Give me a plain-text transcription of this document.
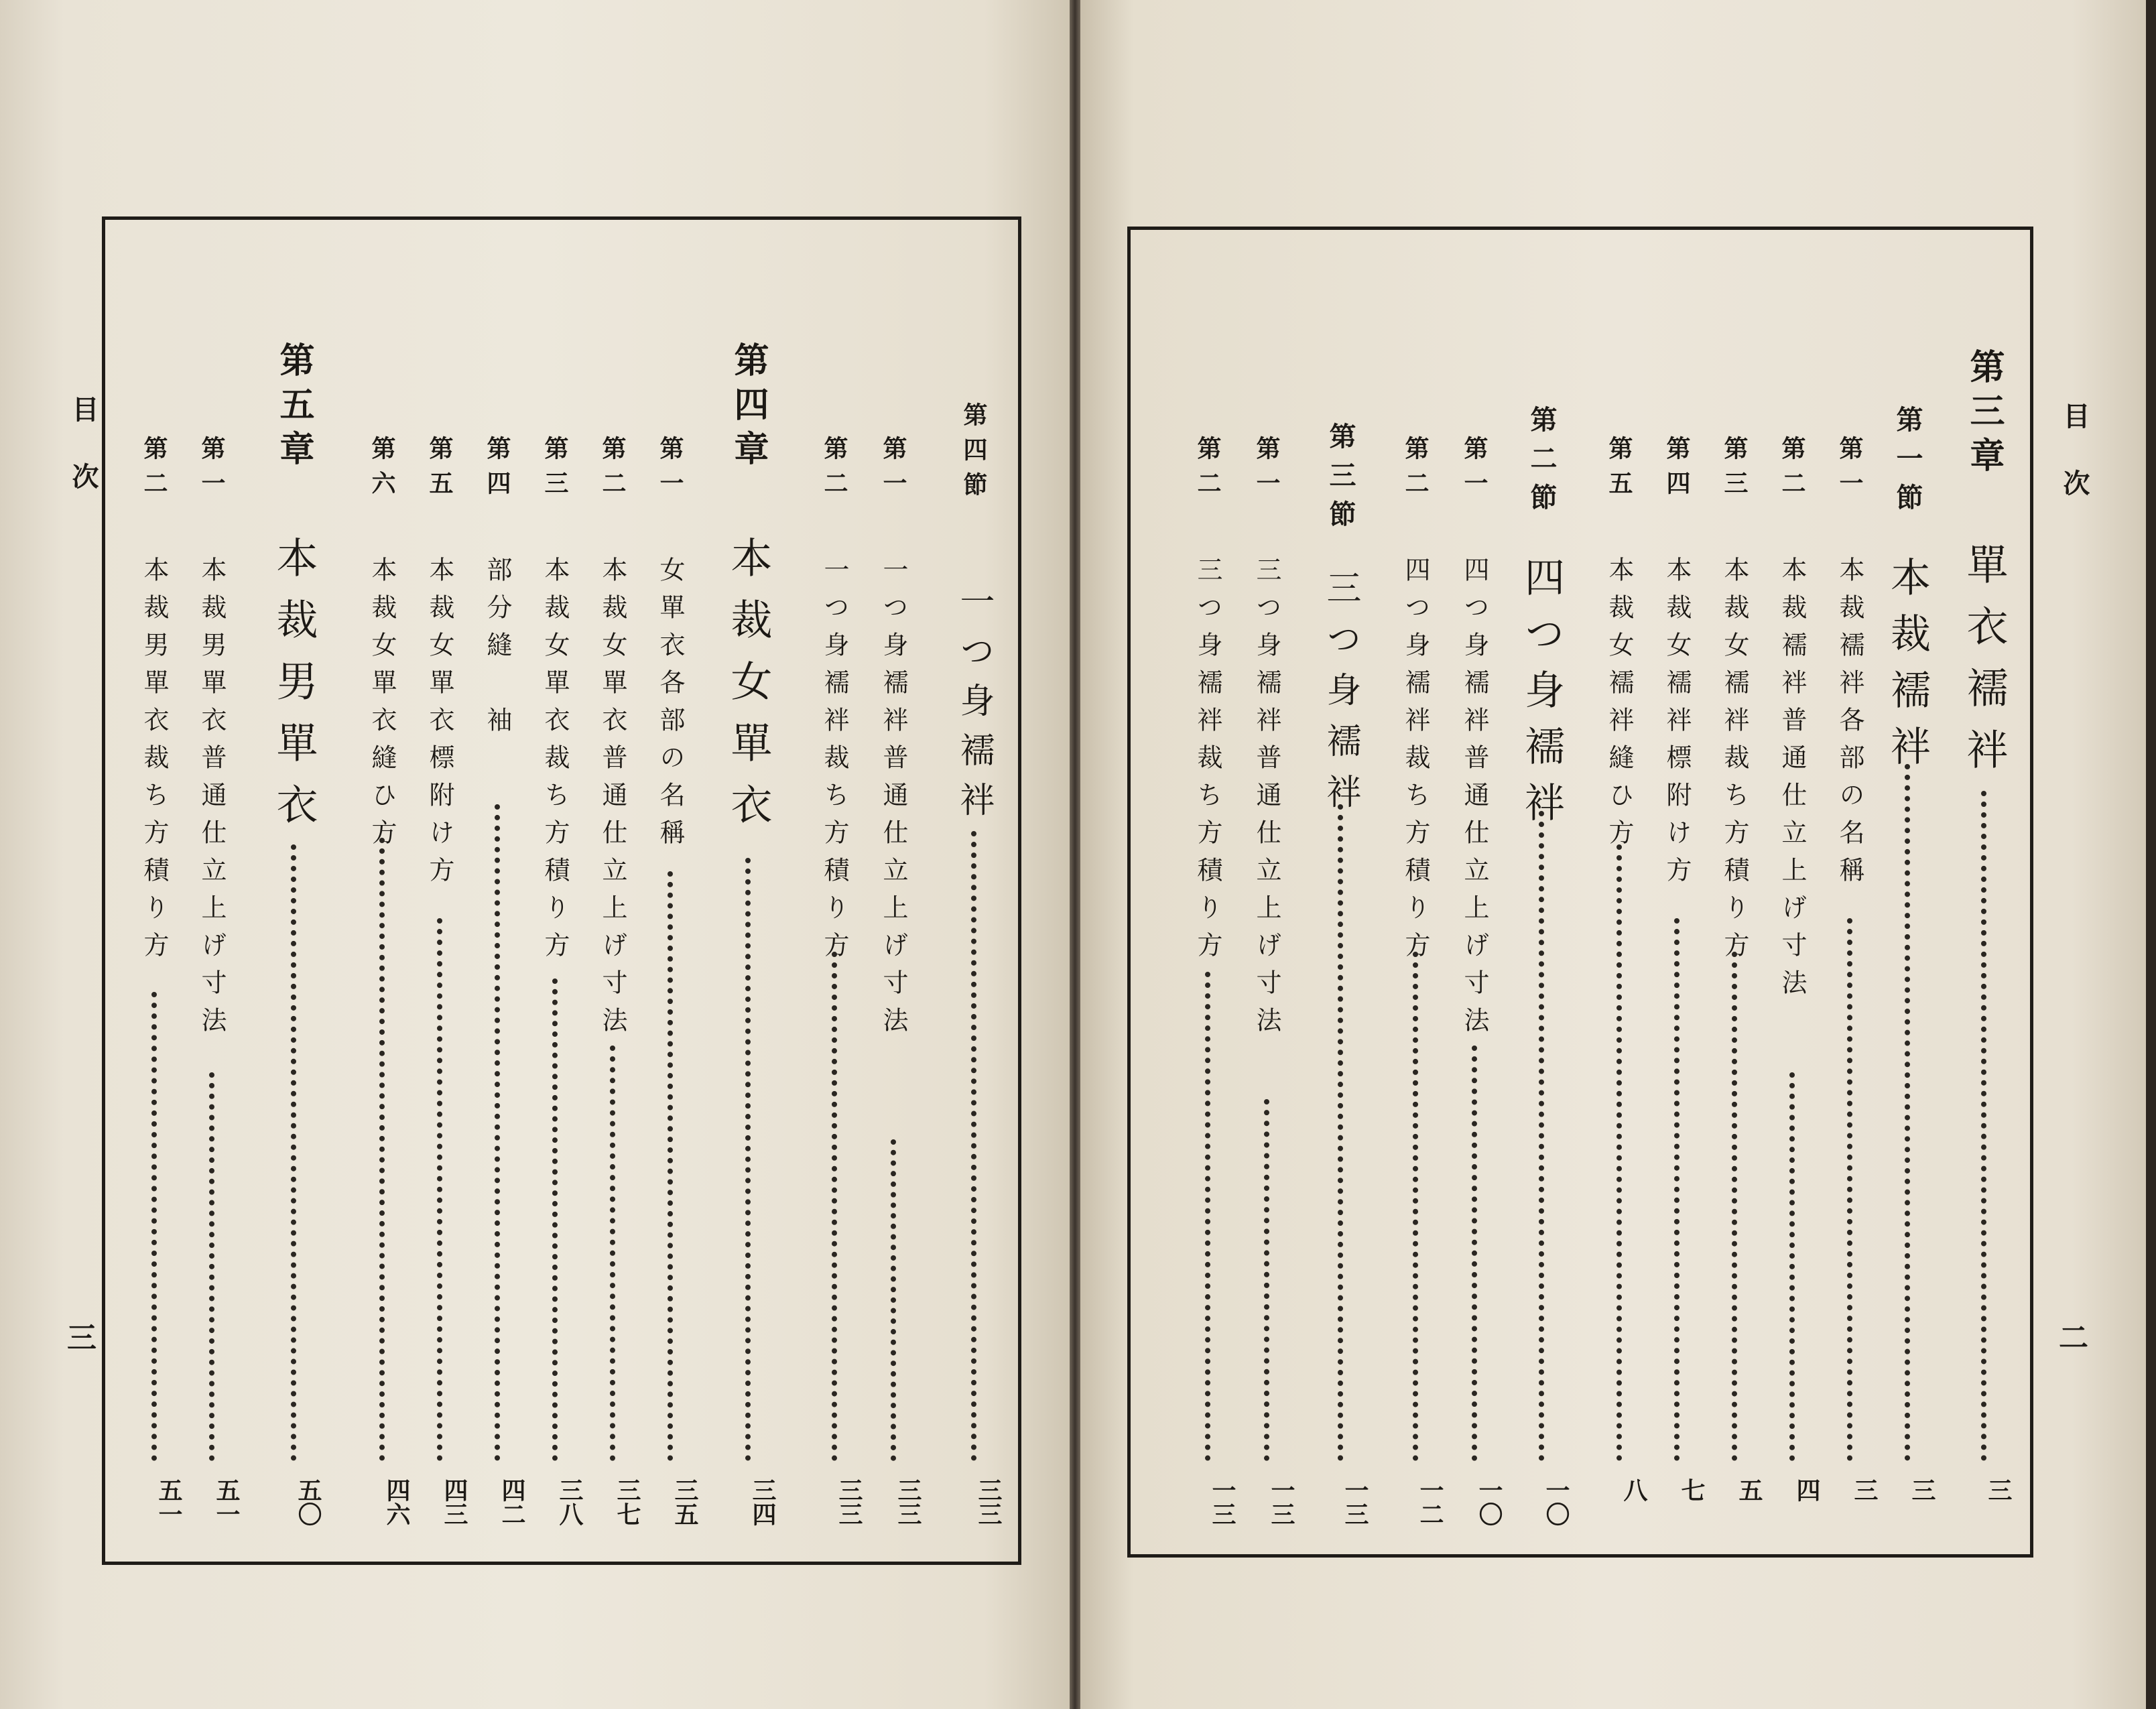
目次
三
第四節
一つ身襦袢
三三
第一
一つ身襦袢普通仕立上げ寸法
三三
第二
一つ身襦袢裁ち方積り方
三三
第四章
本裁女單衣
三四
第一
女單衣各部の名稱
三五
第二
本裁女單衣普通仕立上げ寸法
三七
第三
本裁女單衣裁ち方積り方
三八
第四
部分縫　袖
四二
第五
本裁女單衣標附け方
四三
第六
本裁女單衣縫ひ方
四六
第五章
本裁男單衣
五〇
第一
本裁男單衣普通仕立上げ寸法
五一
第二
本裁男單衣裁ち方積り方
五一
目次
二
第三章
單衣襦袢
三
第一節
本裁襦袢
三
第一
本裁襦袢各部の名稱
三
第二
本裁襦袢普通仕立上げ寸法
四
第三
本裁女襦袢裁ち方積り方
五
第四
本裁女襦袢標附け方
七
第五
本裁女襦袢縫ひ方
八
第二節
四つ身襦袢
一〇
第一
四つ身襦袢普通仕立上げ寸法
一〇
第二
四つ身襦袢裁ち方積り方
一二
第三節
三つ身襦袢
一三
第一
三つ身襦袢普通仕立上げ寸法
一三
第二
三つ身襦袢裁ち方積り方
一三
